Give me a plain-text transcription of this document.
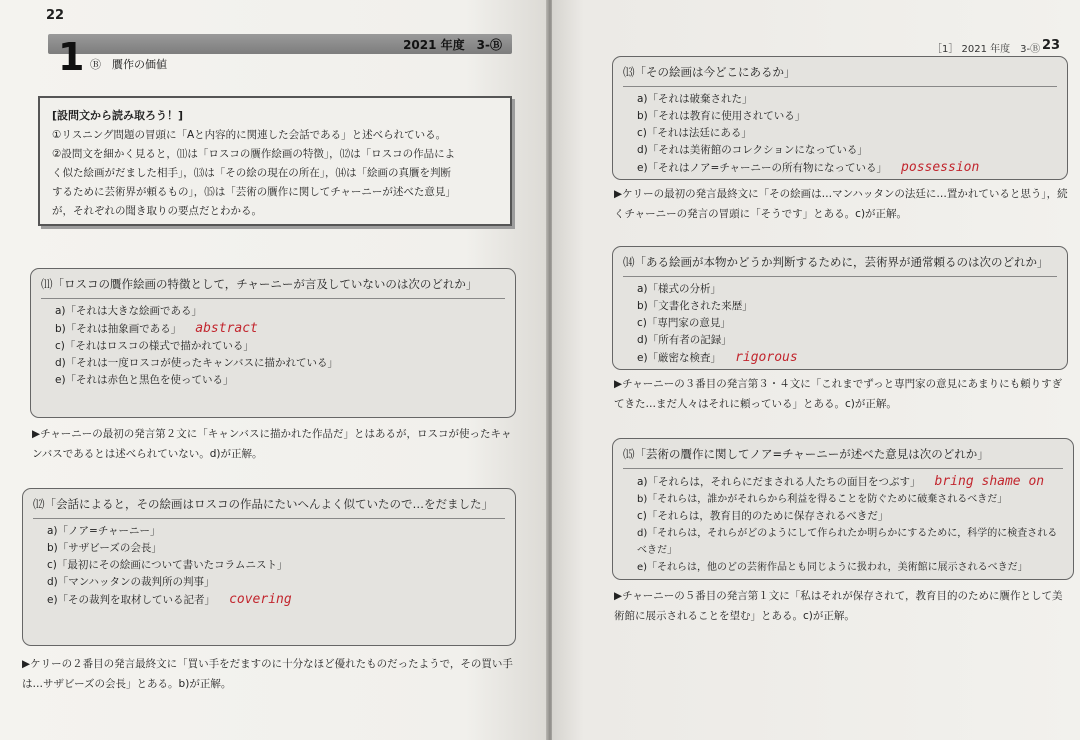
22
2021 年度　3-Ⓑ
1 Ⓑ　贋作の価値
[設問文から読み取ろう！]
①リスニング問題の冒頭に「Aと内容的に関連した会話である」と述べられている。
②設問文を細かく見ると，⑾は「ロスコの贋作絵画の特徴」，⑿は「ロスコの作品によ
く似た絵画がだました相手」，⒀は「その絵の現在の所在」，⒁は「絵画の真贋を判断
するために芸術界が頼るもの」，⒂は「芸術の贋作に関してチャーニーが述べた意見」
が，それぞれの聞き取りの要点だとわかる。
⑾「ロスコの贋作絵画の特徴として，チャーニーが言及していないのは次のどれか」
a)「それは大きな絵画である」
b)「それは抽象画である」 abstract
c)「それはロスコの様式で描かれている」
d)「それは一度ロスコが使ったキャンバスに描かれている」
e)「それは赤色と黒色を使っている」
▶チャーニーの最初の発言第２文に「キャンバスに描かれた作品だ」とはあるが，ロスコが使ったキャンバスであるとは述べられていない。d)が正解。
⑿「会話によると，その絵画はロスコの作品にたいへんよく似ていたので…をだました」
a)「ノア=チャーニー」
b)「サザビーズの会長」
c)「最初にその絵画について書いたコラムニスト」
d)「マンハッタンの裁判所の判事」
e)「その裁判を取材している記者」 covering
▶ケリーの２番目の発言最終文に「買い手をだますのに十分なほど優れたものだったようで，その買い手は…サザビーズの会長」とある。b)が正解。
［1］ 2021 年度　3-Ⓑ 23
⒀「その絵画は今どこにあるか」
a)「それは破棄された」
b)「それは教育に使用されている」
c)「それは法廷にある」
d)「それは美術館のコレクションになっている」
e)「それはノア=チャーニーの所有物になっている」 possession
▶ケリーの最初の発言最終文に「その絵画は…マンハッタンの法廷に…置かれていると思う」，続くチャーニーの発言の冒頭に「そうです」とある。c)が正解。
⒁「ある絵画が本物かどうか判断するために，芸術界が通常頼るのは次のどれか」
a)「様式の分析」
b)「文書化された来歴」
c)「専門家の意見」
d)「所有者の記録」
e)「厳密な検査」 rigorous
▶チャーニーの３番目の発言第３・４文に「これまでずっと専門家の意見にあまりにも頼りすぎてきた…まだ人々はそれに頼っている」とある。c)が正解。
⒂「芸術の贋作に関してノア=チャーニーが述べた意見は次のどれか」
a)「それらは，それらにだまされる人たちの面目をつぶす」 bring shame on
b)「それらは，誰かがそれらから利益を得ることを防ぐために破棄されるべきだ」
c)「それらは，教育目的のために保存されるべきだ」
d)「それらは，それらがどのようにして作られたか明らかにするために，科学的に検査されるべきだ」
e)「それらは，他のどの芸術作品とも同じように扱われ，美術館に展示されるべきだ」
▶チャーニーの５番目の発言第１文に「私はそれが保存されて，教育目的のために贋作として美術館に展示されることを望む」とある。c)が正解。
